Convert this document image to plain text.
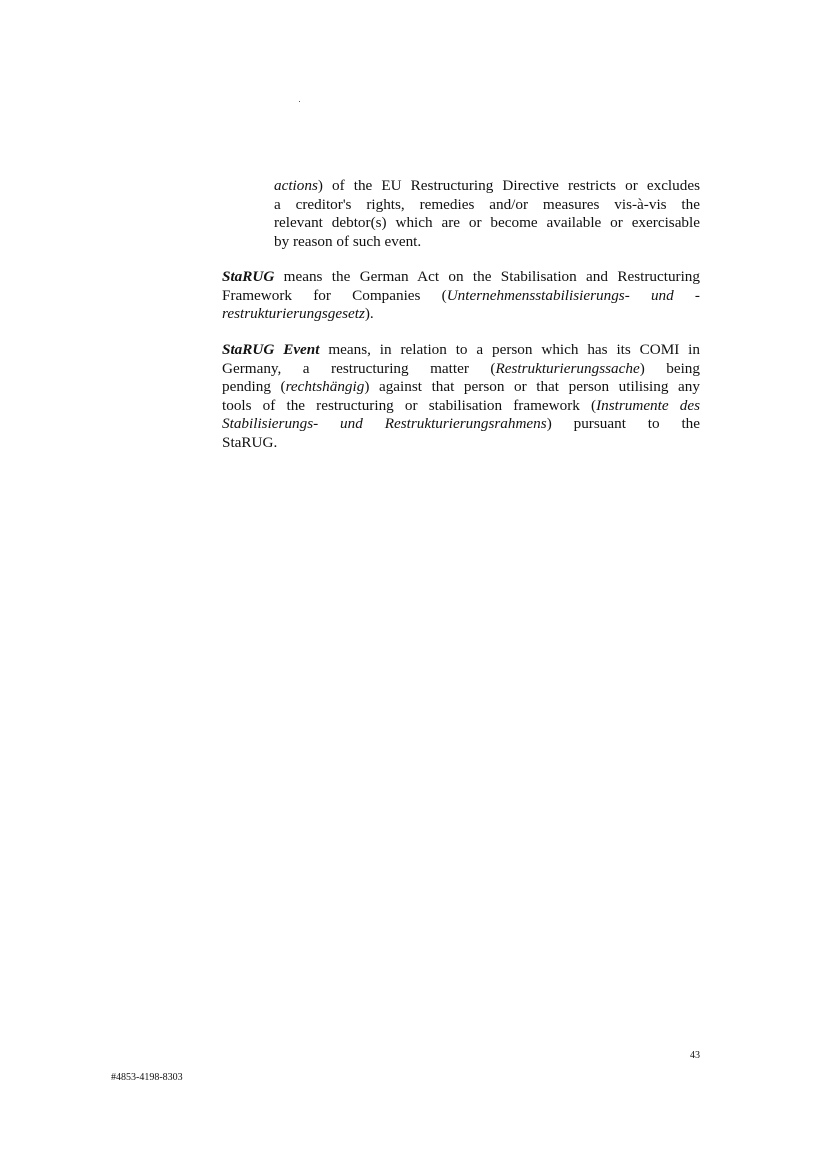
actions) of the EU Restructuring Directive restricts or excludes
a creditor's rights, remedies and/or measures vis-à-vis the
relevant debtor(s) which are or become available or exercisable
by reason of such event.
StaRUG means the German Act on the Stabilisation and Restructuring
Framework for Companies (Unternehmensstabilisierungs- und -
restrukturierungsgesetz).
StaRUG Event means, in relation to a person which has its COMI in
Germany, a restructuring matter (Restrukturierungssache) being
pending (rechtshängig) against that person or that person utilising any
tools of the restructuring or stabilisation framework (Instrumente des
Stabilisierungs- und Restrukturierungsrahmens) pursuant to the
StaRUG.
43
#4853-4198-8303
